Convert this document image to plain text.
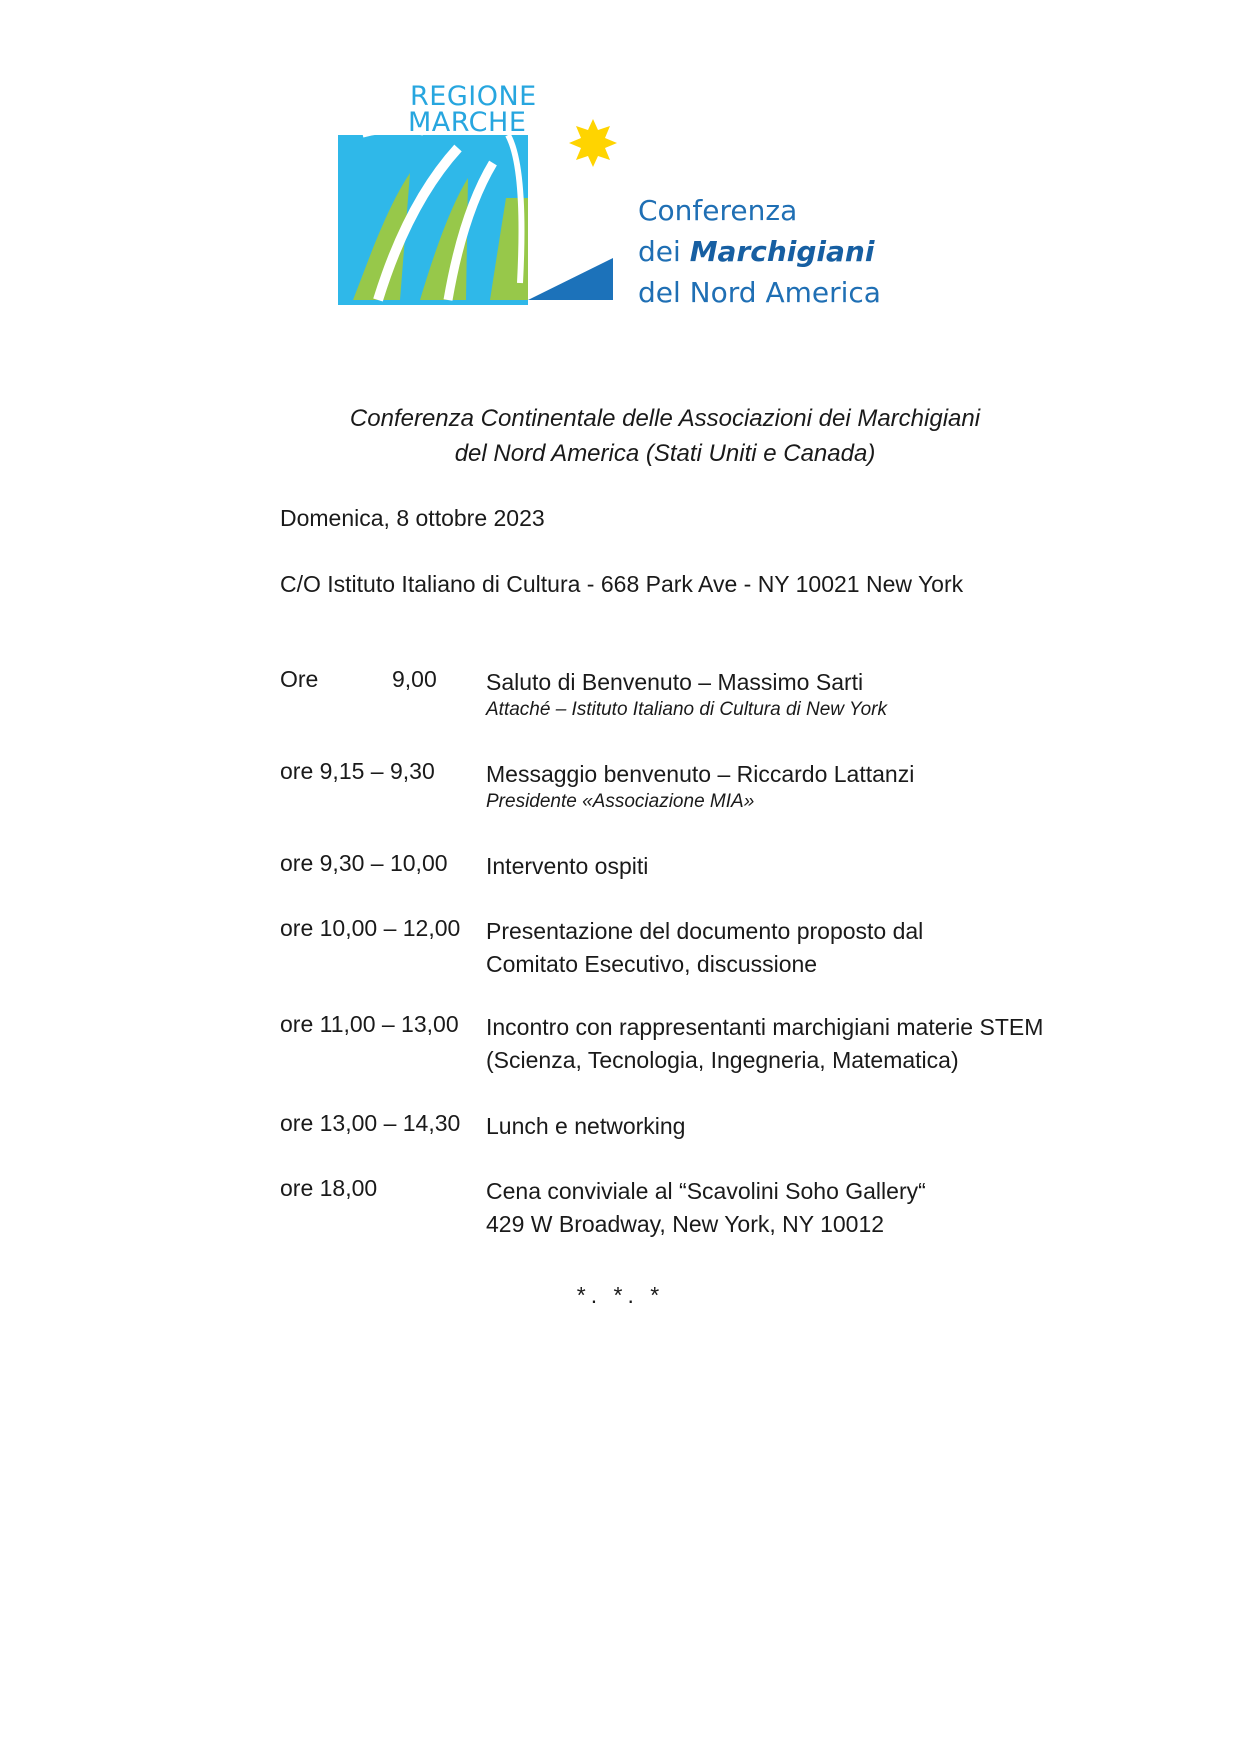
REGIONE
MARCHE
Conferenza
dei Marchigiani
del Nord America
Conferenza Continentale delle Associazioni dei Marchigiani
del Nord America (Stati Uniti e Canada)
Domenica, 8 ottobre 2023
C/O Istituto Italiano di Cultura - 668 Park Ave - NY 10021 New York
Ore	9,00 Saluto di Benvenuto – Massimo Sarti
Attaché – Istituto Italiano di Cultura di New York
ore 9,15 – 9,30 Messaggio benvenuto – Riccardo Lattanzi
Presidente «Associazione MIA»
ore 9,30 – 10,00 Intervento ospiti
ore 10,00 – 12,00 Presentazione del documento proposto dal
Comitato Esecutivo, discussione
ore 11,00 – 13,00 Incontro con rappresentanti marchigiani materie STEM
(Scienza, Tecnologia, Ingegneria, Matematica)
ore 13,00 – 14,30 Lunch e networking
ore 18,00	Cena conviviale al “Scavolini Soho Gallery“
429 W Broadway, New York, NY 10012
*. *. *
